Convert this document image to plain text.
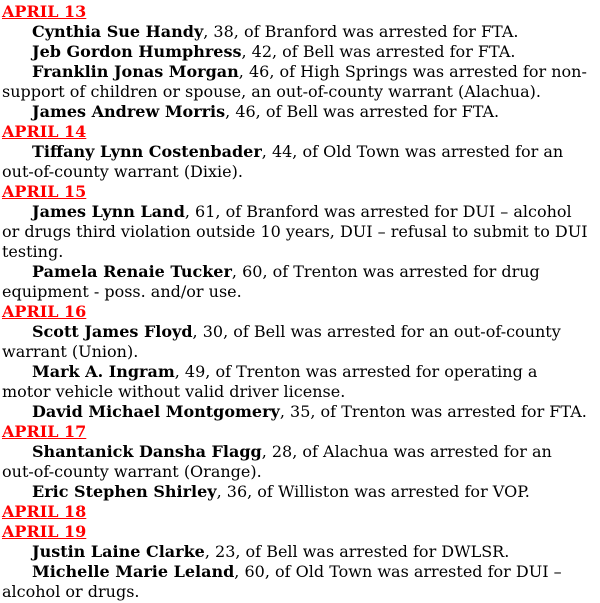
APRIL 13

Cynthia Sue Handy, 38, of Branford was arrested for FTA.

Jeb Gordon Humphress, 42, of Bell was arrested for FTA.

Franklin Jonas Morgan, 46, of High Springs was arrested for non-support of children or spouse, an out-of-county warrant (Alachua).

James Andrew Morris, 46, of Bell was arrested for FTA.

APRIL 14

Tiffany Lynn Costenbader, 44, of Old Town was arrested for an out-of-county warrant (Dixie).

APRIL 15

James Lynn Land, 61, of Branford was arrested for DUI – alcohol or drugs third violation outside 10 years, DUI – refusal to submit to DUI testing.

Pamela Renaie Tucker, 60, of Trenton was arrested for drug equipment - poss. and/or use.

APRIL 16

Scott James Floyd, 30, of Bell was arrested for an out-of-county warrant (Union).

Mark A. Ingram, 49, of Trenton was arrested for operating a motor vehicle without valid driver license.

David Michael Montgomery, 35, of Trenton was arrested for FTA.

APRIL 17

Shantanick Dansha Flagg, 28, of Alachua was arrested for an out-of-county warrant (Orange).

Eric Stephen Shirley, 36, of Williston was arrested for VOP.

APRIL 18
APRIL 19

Justin Laine Clarke, 23, of Bell was arrested for DWLSR.

Michelle Marie Leland, 60, of Old Town was arrested for DUI – alcohol or drugs.
